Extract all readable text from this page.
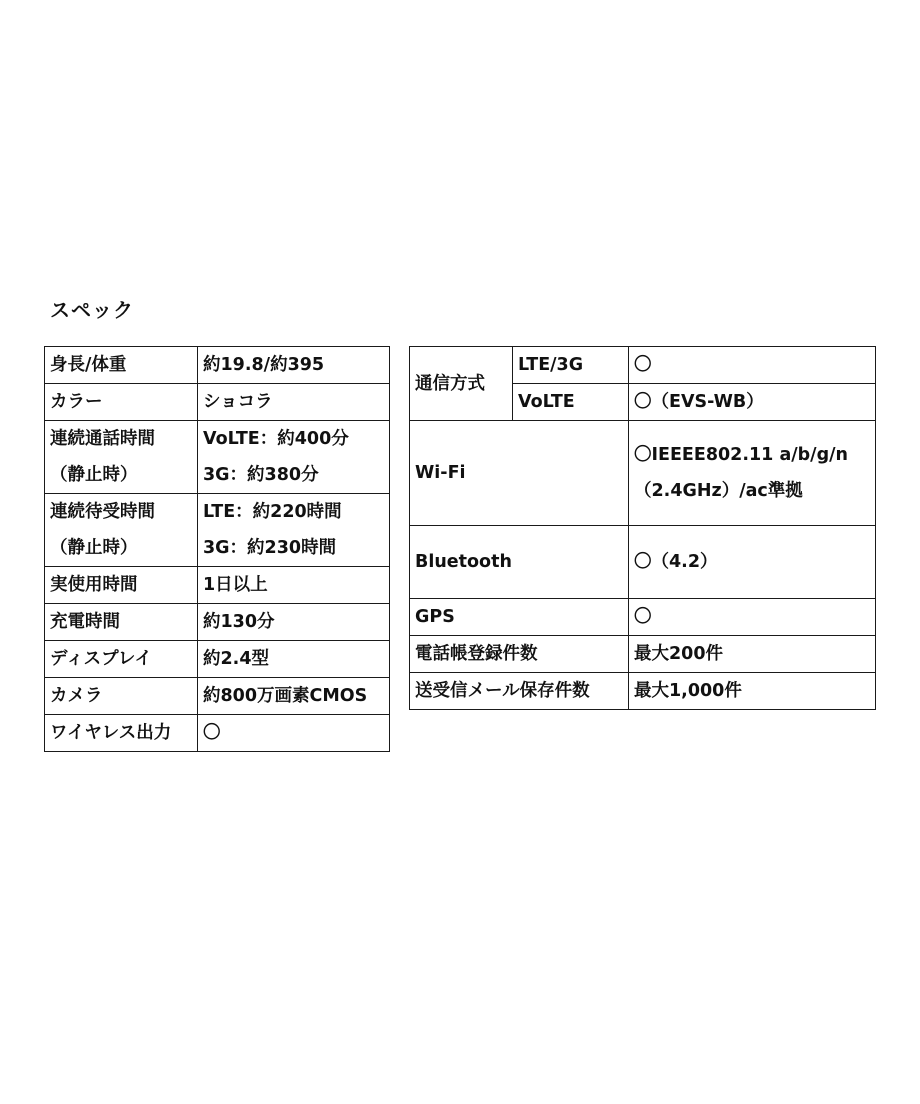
スペック
身長/体重	約19.8/約395
カラー	ショコラ

連続通話時間
（静止時）	VoLTE：約400分
3G：約380分

連続待受時間
（静止時）	LTE：約220時間
3G：約230時間

実使用時間	1日以上
充電時間	約130分
ディスプレイ	約2.4型
カメラ	約800万画素CMOS
ワイヤレス出力	〇
通信方式	LTE/3G	〇
	VoLTE	〇（EVS-WB）
Wi-Fi		〇IEEEE802.11 a/b/g/n
（2.4GHz）/ac準拠

Bluetooth		〇（4.2）
GPS		〇
電話帳登録件数		最大200件
送受信メール保存件数		最大1,000件
